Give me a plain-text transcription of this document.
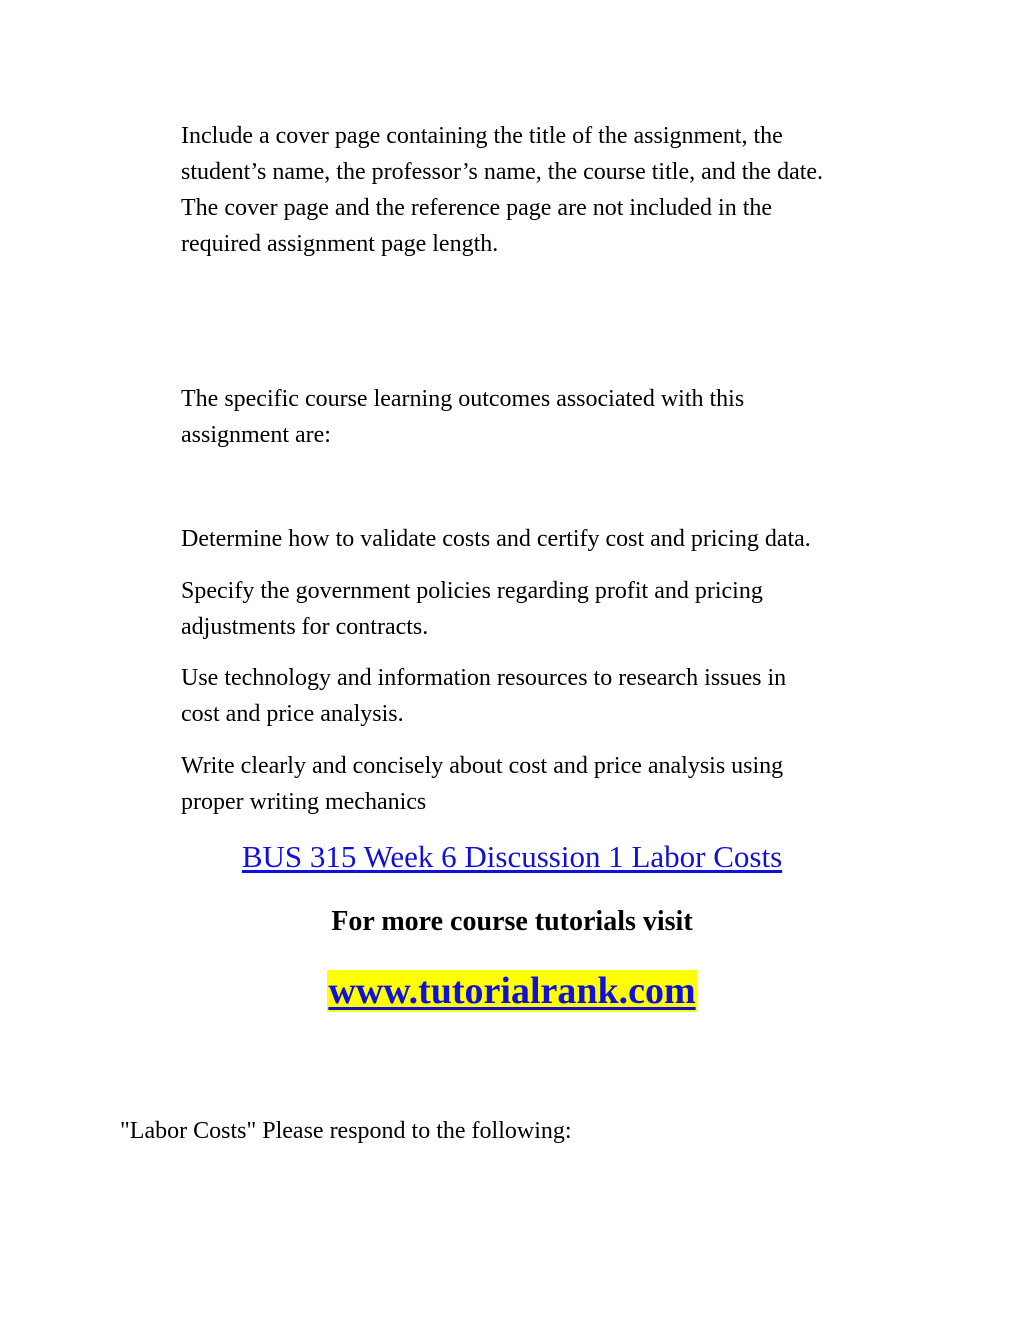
Include a cover page containing the title of the assignment, the
student’s name, the professor’s name, the course title, and the date.
The cover page and the reference page are not included in the
required assignment page length.

The specific course learning outcomes associated with this
assignment are:

Determine how to validate costs and certify cost and pricing data.

Specify the government policies regarding profit and pricing
adjustments for contracts.

Use technology and information resources to research issues in
cost and price analysis.

Write clearly and concisely about cost and price analysis using
proper writing mechanics

BUS 315 Week 6 Discussion 1 Labor Costs

For more course tutorials visit

www.tutorialrank.com

"Labor Costs" Please respond to the following:
